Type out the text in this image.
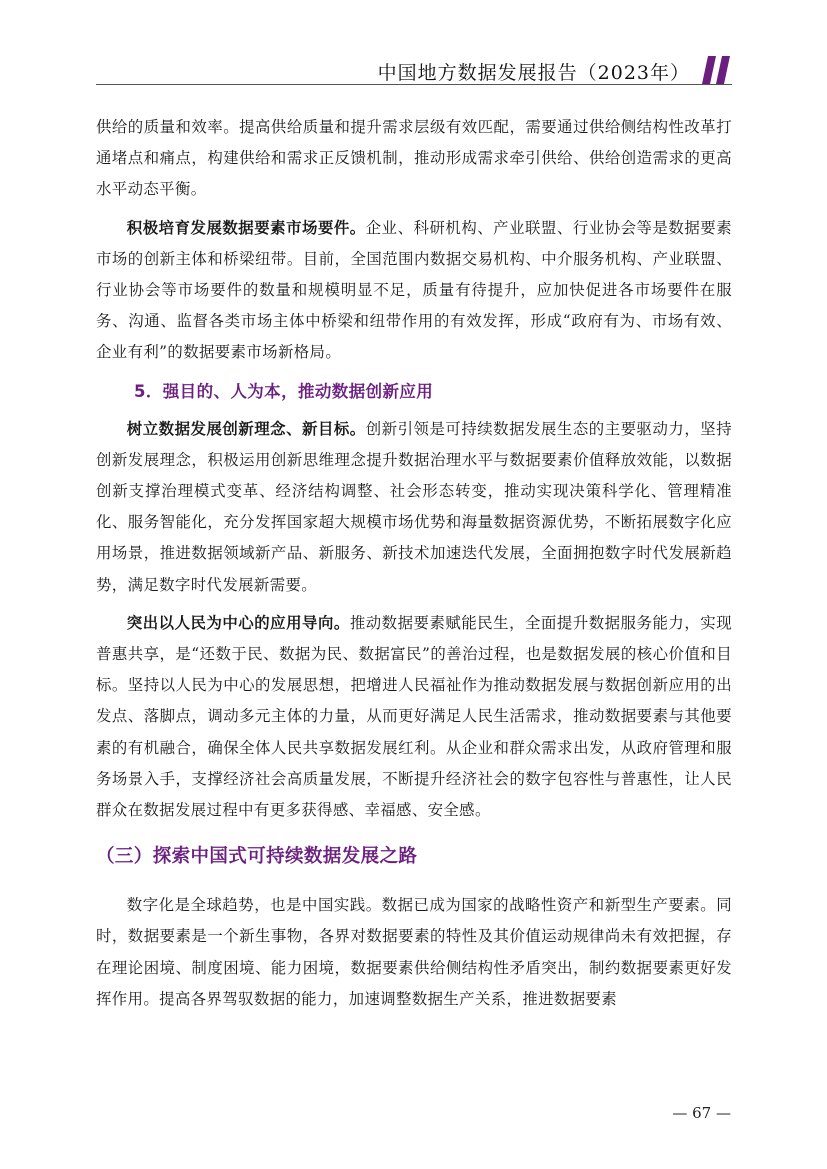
中国地方数据发展报告（2023年）

供给的质量和效率。提高供给质量和提升需求层级有效匹配，需要通过供给侧结构性改革打通堵点和痛点，构建供给和需求正反馈机制，推动形成需求牵引供给、供给创造需求的更高水平动态平衡。

积极培育发展数据要素市场要件。企业、科研机构、产业联盟、行业协会等是数据要素市场的创新主体和桥梁纽带。目前，全国范围内数据交易机构、中介服务机构、产业联盟、行业协会等市场要件的数量和规模明显不足，质量有待提升，应加快促进各市场要件在服务、沟通、监督各类市场主体中桥梁和纽带作用的有效发挥，形成“政府有为、市场有效、企业有利”的数据要素市场新格局。

5．强目的、人为本，推动数据创新应用

树立数据发展创新理念、新目标。创新引领是可持续数据发展生态的主要驱动力，坚持创新发展理念，积极运用创新思维理念提升数据治理水平与数据要素价值释放效能，以数据创新支撑治理模式变革、经济结构调整、社会形态转变，推动实现决策科学化、管理精准化、服务智能化，充分发挥国家超大规模市场优势和海量数据资源优势，不断拓展数字化应用场景，推进数据领域新产品、新服务、新技术加速迭代发展，全面拥抱数字时代发展新趋势，满足数字时代发展新需要。

突出以人民为中心的应用导向。推动数据要素赋能民生，全面提升数据服务能力，实现普惠共享，是“还数于民、数据为民、数据富民”的善治过程，也是数据发展的核心价值和目标。坚持以人民为中心的发展思想，把增进人民福祉作为推动数据发展与数据创新应用的出发点、落脚点，调动多元主体的力量，从而更好满足人民生活需求，推动数据要素与其他要素的有机融合，确保全体人民共享数据发展红利。从企业和群众需求出发，从政府管理和服务场景入手，支撑经济社会高质量发展，不断提升经济社会的数字包容性与普惠性，让人民群众在数据发展过程中有更多获得感、幸福感、安全感。

（三）探索中国式可持续数据发展之路

数字化是全球趋势，也是中国实践。数据已成为国家的战略性资产和新型生产要素。同时，数据要素是一个新生事物，各界对数据要素的特性及其价值运动规律尚未有效把握，存在理论困境、制度困境、能力困境，数据要素供给侧结构性矛盾突出，制约数据要素更好发挥作用。提高各界驾驭数据的能力，加速调整数据生产关系，推进数据要素

— 67 —
